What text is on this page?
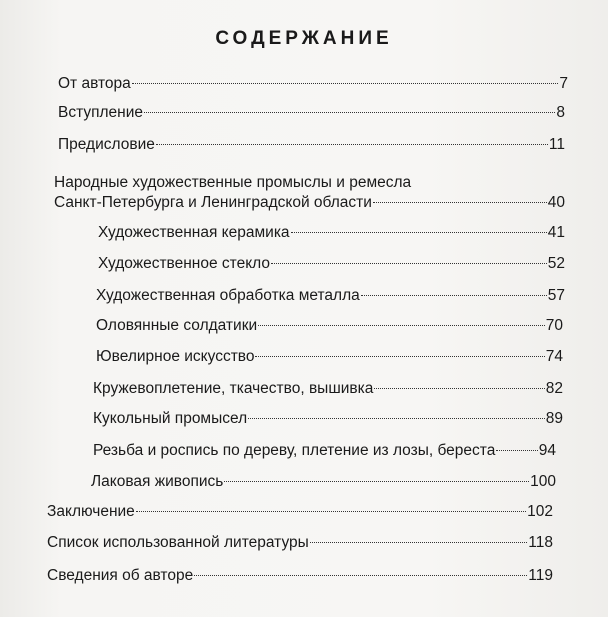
СОДЕРЖАНИЕ
От автора	7
Вступление	8
Предисловие	11
Народные художественные промыслы и ремесла
Санкт-Петербурга и Ленинградской области	40
Художественная керамика	41
Художественное стекло	52
Художественная обработка металла	57
Оловянные солдатики	70
Ювелирное искусство	74
Кружевоплетение, ткачество, вышивка	82
Кукольный промысел	89
Резьба и роспись по дереву, плетение из лозы, береста	94
Лаковая живопись	100
Заключение	102
Список использованной литературы	118
Сведения об авторе	119
